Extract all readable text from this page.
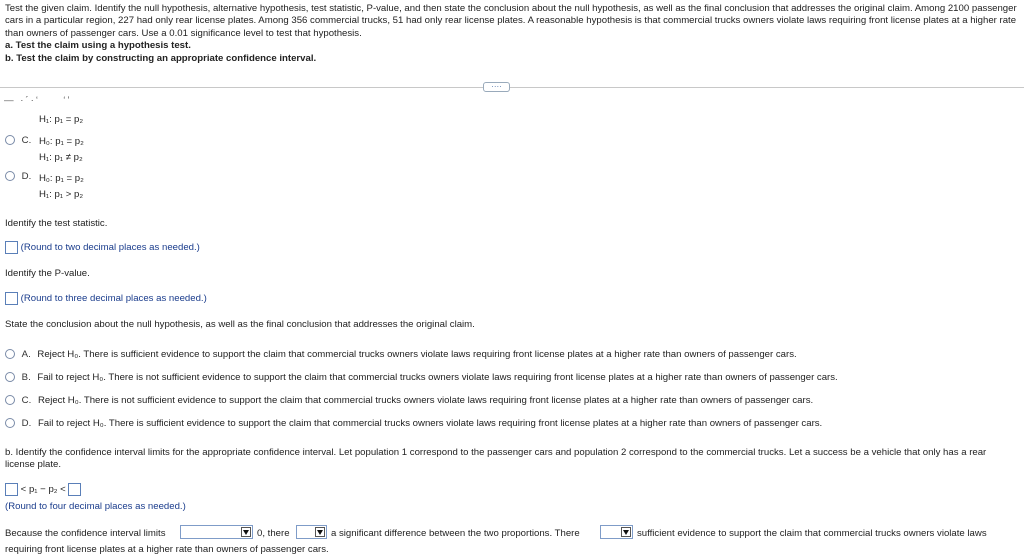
Test the given claim. Identify the null hypothesis, alternative hypothesis, test statistic, P-value, and then state the conclusion about the null hypothesis, as well as the final conclusion that addresses the original claim. Among 2100 passenger cars in a particular region, 227 had only rear license plates. Among 356 commercial trucks, 51 had only rear license plates. A reasonable hypothesis is that commercial trucks owners violate laws requiring front license plates at a higher rate than owners of passenger cars. Use a 0.01 significance level to test that hypothesis.
a. Test the claim using a hypothesis test.
b. Test the claim by constructing an appropriate confidence interval.
····
― ·´·‘     ‘’
H₁: p₁ = p₂
C. H₀: p₁ = p₂
H₁: p₁ ≠ p₂
D. H₀: p₁ = p₂
H₁: p₁ > p₂
Identify the test statistic.
(Round to two decimal places as needed.)
Identify the P-value.
(Round to three decimal places as needed.)
State the conclusion about the null hypothesis, as well as the final conclusion that addresses the original claim.
A. Reject H₀. There is sufficient evidence to support the claim that commercial trucks owners violate laws requiring front license plates at a higher rate than owners of passenger cars.
B. Fail to reject H₀. There is not sufficient evidence to support the claim that commercial trucks owners violate laws requiring front license plates at a higher rate than owners of passenger cars.
C. Reject H₀. There is not sufficient evidence to support the claim that commercial trucks owners violate laws requiring front license plates at a higher rate than owners of passenger cars.
D. Fail to reject H₀. There is sufficient evidence to support the claim that commercial trucks owners violate laws requiring front license plates at a higher rate than owners of passenger cars.
b. Identify the confidence interval limits for the appropriate confidence interval. Let population 1 correspond to the passenger cars and population 2 correspond to the commercial trucks. Let a success be a vehicle that only has a rear license plate.
< p₁ − p₂ <
(Round to four decimal places as needed.)
Because the confidence interval limits	0, there	a significant difference between the two proportions. There	sufficient evidence to support the claim that commercial trucks owners violate laws
requiring front license plates at a higher rate than owners of passenger cars.
